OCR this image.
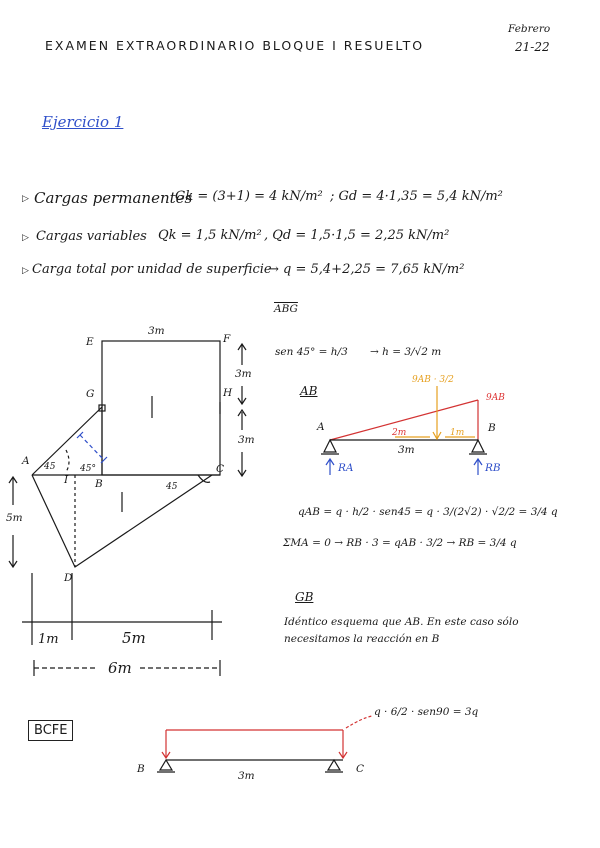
EXAMEN EXTRAORDINARIO BLOQUE I RESUELTO
Febrero
21-22
Ejercicio 1
▷ Cargas permanentes
Gk = (3+1) = 4 kN/m² ; Gd = 4·1,35 = 5,4 kN/m²
▷ Cargas variables Qk = 1,5 kN/m² , Qd = 1,5·1,5 = 2,25 kN/m²
▷ Carga total por unidad de superficie
→ q = 5,4+2,25 = 7,65 kN/m²
E	F
G	H
A
B
C
D
I
3m
3m
3m
5m
45	45°
45
1m	5m
6m
$\overline{ABG}$
sen 45° = h/3 → h = 3/√2 m
AB
9AB · 3/2
9AB
2m	1m
3m
A	B
RA	RB
qAB = q · h/2 · sen45 = q · 3/(2√2) · √2/2 = 3/4 q
ΣMA = 0 → RB · 3 = qAB · 3/2 → RB = 3/4 q
GB
Idéntico esquema que AB. En este caso sólo
necesitamos la reacción en B
BCFE
q · 6/2 · sen90 = 3q
B	C
3m
